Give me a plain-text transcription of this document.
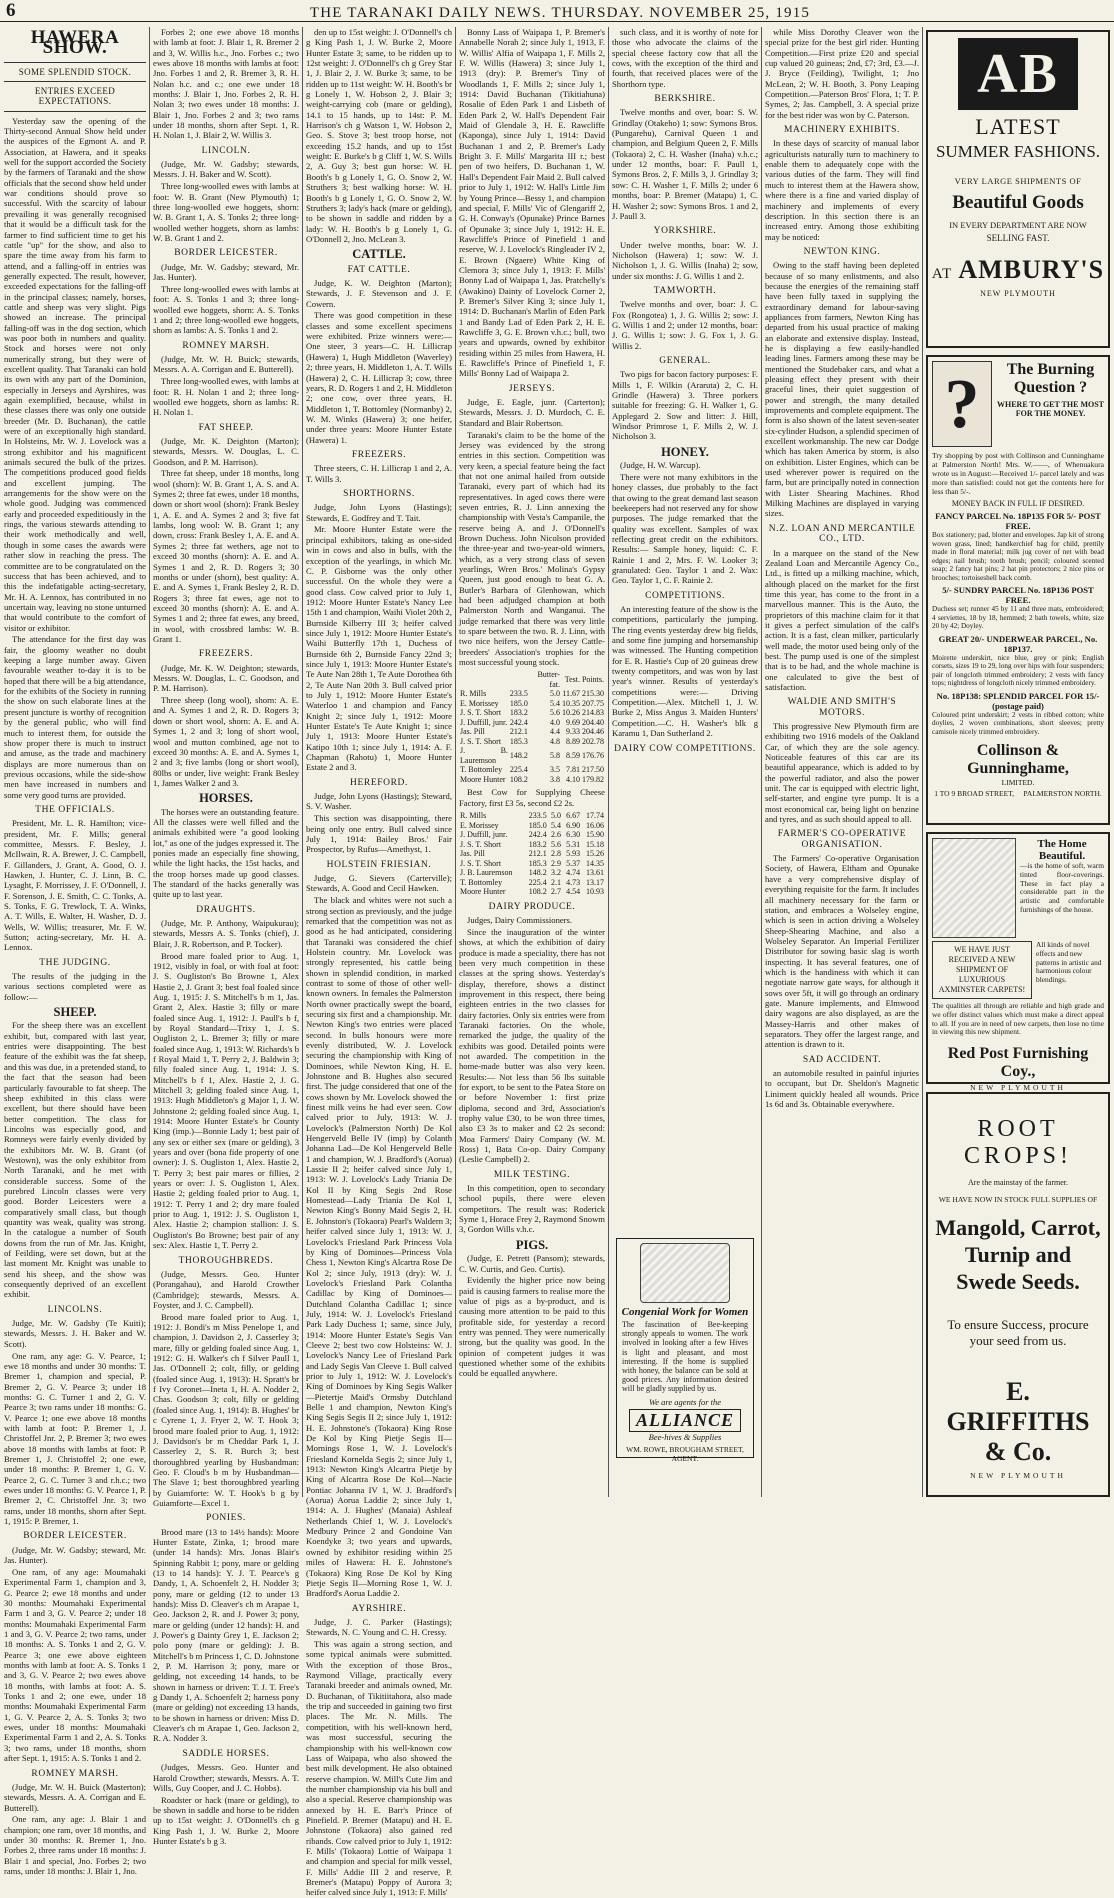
6	THE TARANAKI DAILY NEWS. THURSDAY. NOVEMBER 25, 1915
HAWERA SHOW.
SOME SPLENDID STOCK.
ENTRIES EXCEED EXPECTATIONS.

Yesterday saw the opening of the Thirty-second Annual Show held under the auspices of the Egmont A. and P. Association, at Hawera, and it speaks well for the support accorded the Society by the farmers of Taranaki and the show officials that the second show held under war conditions should prove so successful. With the scarcity of labour prevailing it was generally recognised that it would be a difficult task for the farmer to find sufficient time to get his cattle "up" for the show, and also to spare the time away from his farm to attend, and a falling-off in entries was generally expected. The result, however, exceeded expectations for the falling-off in the principal classes; namely, horses, cattle and sheep was very slight. Pigs showed an increase. The principal falling-off was in the dog section, which was poor both in numbers and quality. Stock and horses were not only numerically strong, but they were of excellent quality. That Taranaki can hold its own with any part of the Dominion, especially in Jerseys and Ayrshires, was again exemplified, because, whilst in these classes there was only one outside breeder (Mr. D. Buchanan), the cattle were of an exceptionally high standard. In Holsteins, Mr. W. J. Lovelock was a strong exhibitor and his magnificent animals secured the bulk of the prizes. The competitions produced good fields and excellent jumping. The arrangements for the show were on the whole good. Judging was commenced early and proceeded expeditiously in the rings, the various stewards attending to their work methodically and well, though in some cases the awards were rather slow in reaching the press. The committee are to be congratulated on the success that has been achieved, and to this the indefatigable acting-secretary, Mr. H. A. Lennox, has contributed in no uncertain way, leaving no stone unturned that would contribute to the comfort of visitor or exhibitor.

The attendance for the first day was fair, the gloomy weather no doubt keeping a large number away. Given favourable weather to-day it is to be hoped that there will be a big attendance, for the exhibits of the Society in running the show on such elaborate lines at the present juncture is worthy of recognition by the general public, who will find much to interest them, for outside the show proper there is much to instruct and amuse, as the trade and machinery displays are more numerous than on previous occasions, while the side-show men have increased in numbers and some very good turns are provided.

THE OFFICIALS.

President, Mr. L. R. Hamilton; vice-president, Mr. F. Mills; general committee, Messrs. F. Besley, J. McIlwain, R. A. Brewer, J. C. Campbell, F. Gillanders, J. Grant, A. Good, O. J. Hawken, J. Hunter, C. J. Linn, B. C. Lysaght, F. Morrissey, J. F. O'Donnell, J. F. Sorenson, J. E. Smith, C. C. Tonks, A. S. Tonks, F. G. Trewlock, T. A. Winks, A. T. Wills, E. Walter, H. Washer, D. J. Wells, W. Willis; treasurer, Mr. F. W. Sutton; acting-secretary, Mr. H. A. Lennox.

THE JUDGING.

The results of the judging in the various sections completed were as follow:—

SHEEP.

For the sheep there was an excellent exhibit, but, compared with last year, entries were disappointing. The best feature of the exhibit was the fat sheep, and this was due, in a pretended stand, to the fact that the season had been particularly favourable to fat sheep. The sheep exhibited in this class were excellent, but there should have been better competition. The class for Lincolns was especially good, and Romneys were fairly evenly divided by the exhibitors Mr. W. B. Grant (of Westown), was the only exhibitor from North Taranaki, and he met with considerable success. Some of the purebred Lincoln classes were very good. Border Leicesters were a comparatively small class, but though quantity was weak, quality was strong. In the catalogue a number of South downs from the run of Mr. Jas. Knight, of Feilding, were set down, but at the last moment Mr. Knight was unable to send his sheep, and the show was consequently deprived of an excellent exhibit.

LINCOLNS.

Judge, Mr. W. Gadsby (Te Kuiti); stewards, Messrs. J. H. Baker and W. Scott).

One ram, any age: G. V. Pearce, 1; ewe 18 months and under 30 months: T. Bremer 1, champion and special, P. Bremer 2, G. V. Pearce 3; under 18 months: G. C. Turner 1 and 2, G. V. Pearce 3; two rams under 18 months: G. V. Pearce 1; one ewe above 18 months with lamb at foot: P. Bremer 1, J. Christoffel Jnr. 2, P. Bremer 3; two ewes above 18 months with lambs at foot: P. Bremer 1, J. Christoffel 2; one ewe, under 18 months: P. Bremer 1, G. V. Pearce 2, G. C. Turner 3 and r.h.c.; two ewes under 18 months: G. V. Pearce 1, P. Bremer 2, C. Christoffel Jnr. 3; two rams, under 18 months, shorn after Sept. 1, 1915: P. Bremer, 1.

BORDER LEICESTER.

(Judge, Mr. W. Gadsby; steward, Mr. Jas. Hunter).

One ram, of any age: Moumahaki Experimental Farm 1, champion and 3, G. Pearce 2; ewe 18 months and under 30 months: Moumahaki Experimental Farm 1 and 3, G. V. Pearce 2; under 18 months: Moumahaki Experimental Farm 1 and 3, G. V. Pearce 2; two rams, under 18 months: A. S. Tonks 1 and 2, G. V. Pearce 3; one ewe above eighteen months with lamb at foot: A. S. Tonks 1 and 3, G. V. Pearce 2; two ewes above 18 months, with lambs at foot: A. S. Tonks 1 and 2; one ewe, under 18 months: Moumahaki Experimental Farm 1, G. V. Pearce 2, A. S. Tonks 3; two ewes, under 18 months: Moumahaki Experimental Farm 1 and 2, A. S. Tonks 3; two rams, under 18 months, shorn after Sept. 1, 1915: A. S. Tonks 1 and 2.

ROMNEY MARSH.

(Judge, Mr. W. H. Buick (Masterton); stewards, Messrs. A. A. Corrigan and E. Butterell).

One ram, any age: J. Blair 1 and champion; one ram, over 18 months, and under 30 months: R. Bremer 1, Jno. Forbes 2, three rams under 18 months: J. Blair 1 and special, Jno. Forbes 2; two rams, under 18 months: J. Blair 1, Jno.

Forbes 2; one ewe above 18 months with lamb at foot: J. Blair 1, R. Bremer 2 and 3, W. Willis h.c., Jno. Forbes c.; two ewes above 18 months with lambs at foot: Jno. Forbes 1 and 2, R. Bremer 3, R. H. Nolan h.c. and c.; one ewe under 18 months: J. Blair 1, Jno. Forbes 2, R. H. Nolan 3; two ewes under 18 months: J. Blair 1, Jno. Forbes 2 and 3; two rams under 18 months, shorn after Sept. 1, R. H. Nolan 1, J. Blair 2, W. Willis 3.

LINCOLN.

(Judge, Mr. W. Gadsby; stewards, Messrs. J. H. Baker and W. Scott).

Three long-woolled ewes with lambs at foot: W. B. Grant (New Plymouth) 1; three long-woolled ewe hoggets, shorn: W. B. Grant 1, A. S. Tonks 2; three long-woolled wether hoggets, shorn as lambs: W. B. Grant 1 and 2.

BORDER LEICESTER.

(Judge, Mr. W. Gadsby; steward, Mr. Jas. Hunter).

Three long-woolled ewes with lambs at foot: A. S. Tonks 1 and 3; three long-woolled ewe hoggets, shorn: A. S. Tonks 1 and 2; three long-woolled ewe hoggets, shorn as lambs: A. S. Tonks 1 and 2.

ROMNEY MARSH.

(Judge, Mr. W. H. Buick; stewards, Messrs. A. A. Corrigan and E. Butterell).

Three long-woolled ewes, with lambs at foot: R. H. Nolan 1 and 2; three long-woolled ewe hoggets, shorn as lambs: R. H. Nolan 1.

FAT SHEEP.

(Judge, Mr. K. Deighton (Marton); stewards, Messrs. W. Douglas, L. C. Goodson, and P. M. Harrison).

Three fat sheep, under 18 months, long wool (shorn): W. B. Grant 1, A. S. and A. Symes 2; three fat ewes, under 18 months, down or short wool (shorn): Frank Besley 1, A. E. and A. Symes 2 and 3; five fat lambs, long wool: W. B. Grant 1; any down, cross: Frank Besley 1, A. E. and A. Symes 2; three fat wethers, age not to exceed 30 months (shorn): A. E. and A. Symes 1 and 2, R. D. Rogers 3; 30 months or under (shorn), best quality: A. E. and A. Symes 1, Frank Besley 2, R. D. Rogers 3; three fat ewes, age not to exceed 30 months (shorn): A. E. and A. Symes 1 and 2; three fat ewes, any breed, in wool, with crossbred lambs: W. B. Grant 1.

FREEZERS.

(Judge, Mr. K. W. Deighton; stewards, Messrs. W. Douglas, L. C. Goodson, and P. M. Harrison).

Three sheep (long wool), shorn: A. E. and A. Symes 1 and 2, R. D. Rogers 3; down or short wool, shorn: A. E. and A. Symes 1, 2 and 3; long of short wool, wool and mutton combined, age not to exceed 30 months: A. E. and A. Symes 1, 2 and 3; five lambs (long or short wool), 80lbs or under, live weight: Frank Besley 1, James Walker 2 and 3.

HORSES.

The horses were an outstanding feature. All the classes were well filled and the animals exhibited were "a good looking lot," as one of the judges expressed it. The ponies made an especially fine showing, while the light hacks, the 15st hacks, and the troop horses made up good classes. The standard of the hacks generally was quite up to last year.

DRAUGHTS.

(Judge, Mr. P. Anthony, Waipukurau); stewards, Messrs A. S. Tonks (chief), J. Blair, J. R. Robertson, and P. Tocker).

Brood mare foaled prior to Aug. 1, 1912, visibly in foal, or with foal at foot: J. S. Ougliston's Bo Browne 1, Alex Hastie 2, J. Grant 3; best foal foaled since Aug. 1, 1915: J. S. Mitchell's b m 1, Jas. Grant 2, Alex. Hastie 3; filly or mare foaled since Aug. 1, 1912: J. Paull's b f, by Royal Standard—Trixy 1, J. S. Ougliston 2, L. Bremer 3; filly or mare foaled since Aug. 1, 1913: W. Richards's b f Royal Maid 1, T. Perry 2, J. Baldwin 3; filly foaled since Aug. 1, 1914: J. S. Mitchell's b f 1, Alex. Hastie 2, J. G. Mitchell 3; gelding foaled since Aug. 1, 1913: Hugh Middleton's g Major 1, J. W. Johnstone 2; gelding foaled since Aug. 1, 1914: Moore Hunter Estate's br County King (imp.)—Bonnie Lady 1; best pair of any sex or either sex (mare or gelding), 3 years and over (bona fide property of one owner): J. S. Ougliston 1, Alex. Hastie 2, T. Perry 3; best pair mares or fillies, 2 years or over: J. S. Ougliston 1, Alex. Hastie 2; gelding foaled prior to Aug. 1, 1912: T. Perry 1 and 2; dry mare foaled prior to Aug. 1, 1912: J. S. Ougliston 1, Alex. Hastie 2; champion stallion: J. S. Ougliston's Bo Browne; best pair of any sex: Alex. Hastie 1, T. Perry 2.

THOROUGHBREDS.

(Judge, Messrs. Geo. Hunter (Porangahau), and Harold Crowther (Cambridge); stewards, Messrs. A. Foyster, and J. C. Campbell).

Brood mare foaled prior to Aug. 1, 1912: J. Bondi's m Miss Penelope 1, and champion, J. Davidson 2, J. Casserley 3; mare, filly or gelding foaled since Aug. 1, 1912: G. H. Walker's ch f Silver Paull 1, Jas. O'Donnell 2; colt, filly, or gelding (foaled since Aug. 1, 1913): H. Spratt's br f Ivy Coronet—Ineta 1, H. A. Nodder 2, Chas. Goodson 3; colt, filly or gelding (foaled since Aug. 1, 1914): B. Hughes' br c Cyrene 1, J. Fryer 2, W. T. Hook 3; brood mare foaled prior to Aug. 1, 1912: J. Davidson's br m Cheddar Park 1, J. Casserley 2, S. R. Burch 3; best thoroughbred yearling by Husbandman: Geo. F. Cloud's b m by Husbandman—The Slave 1; best thoroughbred yearling by Guiamforte: W. T. Hook's b g by Guiamforte—Excel 1.

PONIES.

Brood mare (13 to 14½ hands): Moore Hunter Estate, Zinka, 1; brood mare (under 14 hands): Mrs. Jonas Blair's Spinning Rabbit 1; pony, mare or gelding (13 to 14 hands): Y. J. T. Pearce's g Dandy, 1, A. Schoenfelt 2, H. Nodder 3; pony, mare or gelding (12 to under 13 hands): Miss D. Cleaver's ch m Arapae 1, Geo. Jackson 2, R. and J. Power 3; pony, mare or gelding (under 12 hands): H. and J. Power's g Dainty Grey 1, E. Jackson 2; polo pony (mare or gelding): J. B. Mitchell's b m Princess 1, C. D. Johnstone 2, P. M. Harrison 3; pony, mare or gelding, not exceeding 14 hands, to be shown in harness or driven: T. J. T. Free's g Dandy 1, A. Schoenfelt 2; harness pony (mare or gelding) not exceeding 13 hands, to be shown in harness or driven: Miss D. Cleaver's ch m Arapae 1, Geo. Jackson 2, R. A. Nodder 3.

SADDLE HORSES.

(Judges, Messrs. Geo. Hunter and Harold Crowther; stewards, Messrs. A. T. Wills, Guy Cooper, and J. C. Hobbs).

Roadster or hack (mare or gelding), to be shown in saddle and horse to be ridden up to 15st weight: J. O'Donnell's ch g King Pash 1, J. W. Burke 2, Moore Hunter Estate's b g 3.

den up to 15st weight: J. O'Donnell's ch g King Pash 1, J. W. Burke 2, Moore Hunter Estate 3; same, to be ridden up to 12st weight: J. O'Donnell's ch g Grey Star 1, J. Blair 2, J. W. Burke 3; same, to be ridden up to 11st weight: W. H. Booth's br g Lonely 1, W. Hobson 2, J. Blair 3; weight-carrying cob (mare or gelding), 14.1 to 15 hands, up to 14st: P. M. Harrison's ch g Watson 1, W. Hobson 2, Geo. S. Stove 3; best troop horse, not exceeding 15.2 hands, and up to 15st weight: E. Burke's b g Cliff 1, W. S. Wills 2, A. Guy 3; best gun horse: W. H. Booth's b g Lonely 1, G. O. Snow 2, W. Struthers 3; best walking horse: W. H. Booth's b g Lonely 1, G. O. Snow 2, W. Struthers 3; lady's hack (mare or gelding), to be shown in saddle and ridden by a lady: W. H. Booth's b g Lonely 1, G. O'Donnell 2, Jno. McLean 3.

CATTLE.
FAT CATTLE.

Judge, K. W. Deighton (Marton); Stewards, J. F. Stevenson and J. F. Cowern.

There was good competition in these classes and some excellent specimens were exhibited. Prize winners were:— One steer, 3 years—C. H. Lillicrap (Hawera) 1, Hugh Middleton (Waverley) 2; three years, H. Middleton 1, A. T. Wills (Hawera) 2, C. H. Lillicrap 3; cow, three years, R. D. Rogers 1 and 2, H. Middleton 2; one cow, over three years, H. Middleton 1, T. Bottomley (Normanby) 2, W. M. Winks (Hawera) 3; one heifer, under three years: Moore Hunter Estate (Hawera) 1.

FREEZERS.

Three steers, C. H. Lillicrap 1 and 2, A. T. Wills 3.

SHORTHORNS.

Judge, John Lyons (Hastings); Stewards, E. Godfrey and T. Tait.

Mr. Moore Hunter Estate were the principal exhibitors, taking as one-sided win in cows and also in bulls, with the exception of the yearlings, in which Mr. C. P. Gisborne was the only other successful. On the whole they were a good class. Cow calved prior to July 1, 1912: Moore Hunter Estate's Nancy Lee 15th 1 and champion, Waihi Violet 20th 2, Burnside Kilberry III 3; heifer calved since July 1, 1912: Moore Hunter Estate's Waihi Butterfly 17th 1, Duchess of Burnside 6th 2, Burnside Fancy 22nd 3; since July 1, 1913: Moore Hunter Estate's Te Aute Nan 28th 1, Te Aute Dorothea 6th 2, Te Aute Nan 20th 3. Bull calved prior to July 1, 1912: Moore Hunter Estate's Waterloo 1 and champion and Fancy Knight 2; since July 1, 1912: Moore Hunter Estate's Te Aute Knight 1; since July 1, 1913: Moore Hunter Estate's Katipo 10th 1; since July 1, 1914: A. F. Chapman (Rahotu) 1, Moore Hunter Estate 2 and 3.

HEREFORD.

Judge, John Lyons (Hastings); Steward, S. V. Washer.

This section was disappointing, there being only one entry. Bull calved since July 1, 1914: Bailey Bros.' Fair Prospector, by Rufus—Amethyst, 1.

HOLSTEIN FRIESIAN.

Judge, G. Sievers (Carterville); Stewards, A. Good and Cecil Hawken.

The black and whites were not such a strong section as previously, and the judge remarked that the competition was not as good as he had anticipated, considering that Taranaki was considered the chief Holstein country. Mr. Lovelock was strongly represented, his cattle being shown in splendid condition, in marked contrast to some of those of other well-known owners. In females the Palmerston North owner practically swept the board, securing six first and a championship. Mr. Newton King's two entries were placed second. In bulls honours were more evenly distributed, W. J. Lovelock securing the championship with King of Dominoes, while Newton King, H. E. Johnstone and B. Hughes also secured first. The judge considered that one of the cows shown by Mr. Lovelock showed the finest milk veins he had ever seen. Cow calved prior to July, 1913: W. J. Lovelock's (Palmerston North) De Kol Hengerveld Belle IV (imp) by Colanth Johanna Lad—De Kol Hengerveld Belle 1 and champion, W. J. Bradford's (Aorua) Lassie II 2; heifer calved since July 1, 1913: W. J. Lovelock's Lady Triania De Kol II by King Segis 2nd Rose Homestead—Lady Triania De Kol I, Newton King's Bonny Maid Segis 2, H. E. Johnston's (Tokaora) Pearl's Waldern 3; heifer calved since July 1, 1913: W. J. Lovelock's Friesland Park Princess Vola by King of Dominoes—Princess Vola Chess 1, Newton King's Alcartra Rose De Kol 2; since July, 1913 (dry): W. J. Lovelock's Friesland Park Colantha Cadillac by King of Dominoes—Dutchland Colantha Cadillac 1; since July, 1914: W. J. Lovelock's Friesland Park Lady Duchess 1; same, since July, 1914: Moore Hunter Estate's Segis Van Cleeve 2; best two cow Holsteins: W. J. Lovelock's Nancy Lee of Friesland Park and Lady Segis Van Cleeve 1. Bull calved prior to July 1, 1912: W. J. Lovelock's King of Dominoes by King Segis Walker—Pietertje Maid's Ormsby Dutchland Belle 1 and champion, Newton King's King Segis Segis II 2; since July 1, 1912: H. E. Johnstone's (Tokaora) King Rose De Kol by King Pietje Segis II—Mornings Rose 1, W. J. Lovelock's Friesland Kornelda Segis 2; since July 1, 1913: Newton King's Alcartra Pietje by King of Alcartra Rose De Kol—Nacie Pontiac Johanna IV 1, W. J. Bradford's (Aorua) Aorua Laddie 2; since July 1, 1914: A. J. Hughes' (Manaia) Ashleaf Netherlands Chief 1, W. J. Lovelock's Medbury Prince 2 and Gondoine Van Koendyke 3; two years and upwards, owned by exhibitor residing within 25 miles of Hawera: H. E. Johnstone's (Tokaora) King Rose De Kol by King Pietje Segis II—Morning Rose 1, W. J. Bradford's Aorua Laddie 2.

AYRSHIRE.

Judge, J. C. Parker (Hastings); Stewards, N. C. Young and C. H. Cressy.

This was again a strong section, and some typical animals were submitted. With the exception of those Bros., Raymond Village, practically every Taranaki breeder and animals owned, Mr. D. Buchanan, of Tikitiitahora, also made the trip and succeeded in gaining two first places. The Mr. N. Mills. The competition, with his well-known herd, was most successful, securing the championship with his well-known cow Lass of Waipapa, who also showed the best milk development. He also obtained reserve champion. W. Mill's Cute Jim and the number championship via his bull and also a special. Reserve championship was annexed by H. E. Barr's Prince of Pinefield. P. Bremer (Matapu) and H. E. Johnstone (Tokaora) also gained red ribands. Cow calved prior to July 1, 1912: F. Mills' (Tokaora) Lottie of Waipapa 1 and champion and special for milk vessel, F. Mills' Addie III 2 and reserve, P. Bremer's (Matapu) Poppy of Aurora 3; heifer calved since July 1, 1913: F. Mills'

Bonny Lass of Waipapa 1, P. Bremer's Annabelle Norah 2; since July 1, 1913, F. W. Willis' Alfia of Waipapa 1, F. Mills 2, F. W. Willis (Hawera) 3; since July 1, 1913 (dry): P. Bremer's Tiny of Woodlands 1, F. Mills 2; since July 1, 1914: David Buchanan (Tikitiahuna) Rosalie of Eden Park 1 and Lisbeth of Eden Park 2, W. Hall's Dependent Fair Maid of Glendale 3, H. E. Rawcliffe (Kaponga), since July 1, 1914: David Buchanan 1 and 2, P. Bremer's Lady Bright 3. F. Mills' Margarita III r.; best pen of two heifers, D. Buchanan 1, W. Hall's Dependent Fair Maid 2. Bull calved prior to July 1, 1912: W. Hall's Little Jim by Young Prince—Bessy 1, and champion and special, F. Mills' Vic of Glengariff 2, G. H. Conway's (Opunake) Prince Barnes of Opunake 3; since July 1, 1912: H. E. Rawcliffe's Prince of Pinefield 1 and reserve, W. J. Lovelock's Ringleader IV 2, E. Brown (Ngaere) White King of Clemora 3; since July 1, 1913: F. Mills' Bonny Lad of Waipapa 1, Jas. Pratchelly's (Awakino) Dainty of Lovelock Corner 2, P. Bremer's Silver King 3; since July 1, 1914: D. Buchanan's Marlin of Eden Park 1 and Bandy Lad of Eden Park 2, H. E. Rawcliffe 3, G. E. Brown v.h.c.; bull, two years and upwards, owned by exhibitor residing within 25 miles from Hawera, H. E. Rawcliffe's Prince of Pinefield 1, F. Mills' Bonny Lad of Waipapa 2.

JERSEYS.

Judge, E. Eagle, junr. (Carterton); Stewards, Messrs. J. D. Murdoch, C. E. Standard and Blair Robertson.

Taranaki's claim to be the home of the Jersey was evidenced by the strong entries in this section. Competition was very keen, a special feature being the fact that not one animal hailed from outside Taranaki, every part of which had its representatives. In aged cows there were seven entries, R. J. Linn annexing the championship with Vesta's Campanile, the reserve being A. and J. O'Donnell's Brown Duchess. John Nicolson provided the three-year and two-year-old winners, which, as a very strong class of seven yearlings, Wren Bros.' Molina's Gypsy Queen, just good enough to beat G. A. Butler's Barbara of Glenhowan, which had been adjudged champion at both Palmerston North and Wanganui. The judge remarked that there was very little to spare between the two. R. J. Linn, with two nice heifers, won the Jersey Cattle-breeders' Association's trophies for the most successful young stock.

		Butter-fat.	Test.	Points.
R. Mills	233.5	5.0	11.67	215.30
E. Morissey	185.0	5.4	10.35	207.75
J. S. T. Short	183.2	5.6	10.26	214.83
J. Duffill, junr.	242.4	4.0	9.69	204.40
Jas. Pill	212.1	4.4	9.33	204.46
J. S. T. Short	185.3	4.8	8.89	202.78
J. B. Lauremson	148.2	5.8	8.59	176.76
T. Bottomley	225.4	3.5	7.81	217.50
Moore Hunter	108.2	3.8	4.10	179.82

Best Cow for Supplying Cheese Factory, first £3 5s, second £2 2s.

R. Mills	233.5	5.0	6.67	17.74
E. Morissey	185.0	5.4	6.90	16.06
J. Duffill, junr.	242.4	2.6	6.30	15.90
J. S. T. Short	183.2	5.6	5.31	15.18
Jas. Pill	212.1	2.8	5.93	15.26
J. S. T. Short	185.3	2.9	5.37	14.35
J. B. Lauremson	148.2	3.2	4.74	13.61
T. Bottomley	225.4	2.1	4.73	13.17
Moore Hunter	108.2	2.7	4.54	10.93
DAIRY PRODUCE.

Judges, Dairy Commissioners.

Since the inauguration of the winter shows, at which the exhibition of dairy produce is made a speciality, there has not been very much competition in these classes at the spring shows. Yesterday's display, therefore, shows a distinct improvement in this respect, there being eighteen entries in the two classes for dairy factories. Only six entries were from Taranaki factories. On the whole, remarked the judge, the quality of the exhibits was good. Detailed points were not awarded. The competition in the home-made butter was also very keen. Results:— Not less than 56 lbs suitable for export, to be sent to the Patea Store on or before November 1: first prize diploma, second and 3rd, Association's trophy value £30, to be won three times, also £3 3s to maker and £2 2s second: Moa Farmers' Dairy Company (W. M. Ross) 1, Bata Co-op. Dairy Company (Leslie Campbell) 2.

MILK TESTING.

In this competition, open to secondary school pupils, there were eleven competitors. The result was: Roderick Syme 1, Horace Frey 2, Raymond Snowm 3, Gordon Wills v.h.c.

PIGS.

(Judge, E. Petrett (Pansom); stewards, C. W. Curtis, and Geo. Curtis).

Evidently the higher price now being paid is causing farmers to realise more the value of pigs as a by-product, and is causing more attention to be paid to this profitable side, for yesterday a record entry was penned. They were numerically strong, but the quality was good. In the opinion of competent judges it was questioned whether some of the exhibits could be equalled anywhere.

such class, and it is worthy of note for those who advocate the claims of the special cheese factory cow that all the cows, with the exception of the third and fourth, that received places were of the Shorthorn type.

BERKSHIRE.

Twelve months and over, boar: S. W. Grindlay (Otakeho) 1; sow: Symons Bros. (Pungarehu), Carnival Queen 1 and champion, and Belgium Queen 2, F. Mills (Tokaora) 2, C. H. Washer (Inaha) v.h.c.; under 12 months, boar: F. Paull 1, Symons Bros. 2, F. Mills 3, J. Grindlay 3; sow: C. H. Washer 1, F. Mills 2; under 6 months, boar: P. Bremer (Matapu) 1, C. H. Washer 2; sow: Symons Bros. 1 and 2, J. Paull 3.

YORKSHIRE.

Under twelve months, boar: W. J. Nicholson (Hawera) 1; sow: W. J. Nicholson 1, J. G. Willis (Inaha) 2; sow, under six months: J. G. Willis 1 and 2.

TAMWORTH.

Twelve months and over, boar: J. C. Fox (Rongotea) 1, J. G. Willis 2; sow: J. G. Willis 1 and 2; under 12 months, boar: J. G. Willis 1; sow: J. G. Fox 1, J. G. Willis 2.

GENERAL.

Two pigs for bacon factory purposes: F. Mills 1, F. Wilkin (Araruta) 2, C. H. Grindle (Hawera) 3. Three porkers suitable for freezing: G. H. Walker 1, G. Applegard 2. Sow and litter: J. Hill, Windsor Primrose 1, F. Mills 2, W. J. Nicholson 3.

HONEY.

(Judge, H. W. Warcup).

There were not many exhibitors in the honey classes, due probably to the fact that owing to the great demand last season beekeepers had not reserved any for show purposes. The judge remarked that the quality was excellent. Samples of wax reflecting great credit on the exhibitors. Results:— Sample honey, liquid: C. F. Rainie 1 and 2, Mrs. F. W. Looker 3; granulated: Geo. Taylor 1 and 2. Wax: Geo. Taylor 1, C. F. Rainie 2.

COMPETITIONS.

An interesting feature of the show is the competitions, particularly the jumping. The ring events yesterday drew big fields, and some fine jumping and horsemanship was witnessed. The Hunting competition for E. R. Hastie's Cup of 20 guineas drew twenty competitors, and was won by last year's winner. Results of yesterday's competitions were:— Driving Competition.—Alex. Mitchell 1, J. W. Burke 2, Miss Angus 3. Maiden Hunters' Competition.—C. H. Washer's blk g Karamu 1, Dan Sutherland 2.

DAIRY COW COMPETITIONS.
Congenial Work for Women
The fascination of Bee-keeping strongly appeals to women. The work involved in looking after a few Hives is light and pleasant, and most interesting. If the home is supplied with honey, the balance can be sold at good prices. Any information desired will be gladly supplied by us.
We are agents for the
ALLIANCE
Bee-hives & Supplies
WM. ROWE, BROUGHAM STREET, AGENT.

while Miss Dorothy Cleaver won the special prize for the best girl rider. Hunting Competition.—First prize £20 and special cup valued 20 guineas; 2nd, £7; 3rd, £3.—J. J. Bryce (Feilding), Twilight, 1; Jno McLean, 2; W. H. Booth, 3. Pony Leaping Competition.—Paterson Bros' Flora, 1; T. P. Symes, 2; Jas. Campbell, 3. A special prize for the best rider was won by C. Paterson.

MACHINERY EXHIBITS.

In these days of scarcity of manual labor agriculturists naturally turn to machinery to enable them to adequately cope with the various duties of the farm. They will find much to interest them at the Hawera show, where there is a fine and varied display of machinery and implements of every description. In this section there is an increased entry. Among those exhibiting may be noticed:

NEWTON KING.

Owing to the staff having been depleted because of so many enlistments, and also because the energies of the remaining staff have been fully taxed in supplying the extraordinary demand for labour-saving appliances from farmers, Newton King has departed from his usual practice of making an elaborate and extensive display. Instead, he is displaying a few easily-handled leading lines. Farmers among these may be mentioned the Studebaker cars, and what a pleasing effect they present with their graceful lines, their quiet suggestion of power and strength, the many detailed improvements and complete equipment. The form is also shown of the latest seven-seater six-cylinder Hudson, a splendid specimen of excellent workmanship. The new car Dodge which has taken America by storm, is also on exhibition. Lister Engines, which can be used wherever power is required on the farm, but are principally noted in connection with Lister Shearing Machines. Rhod Milking Machines are displayed in varying sizes.

N.Z. LOAN AND MERCANTILE CO., LTD.

In a marquee on the stand of the New Zealand Loan and Mercantile Agency Co., Ltd., is fitted up a milking machine, which, although placed on the market for the first time this year, has come to the front in a marvellous manner. This is the Auto, the proprietors of this machine claim for it that it gives a perfect simulation of the calf's action. It is a fast, clean milker, particularly well made, the motor used being only of the best. The pump used is one of the simplest that is to be had, and the whole machine is one calculated to give the best of satisfaction.

WALDIE AND SMITH'S MOTORS.

This progressive New Plymouth firm are exhibiting two 1916 models of the Oakland Car, of which they are the sole agency. Noticeable features of this car are its beautiful appearance, which is added to by the powerful radiator, and also the power unit. The car is equipped with electric light, self-starter, and engine tyre pump. It is a most economical car, being light on benzine and tyres, and as such should appeal to all.

FARMER'S CO-OPERATIVE ORGANISATION.

The Farmers' Co-operative Organisation Society, of Hawera, Eltham and Opunake have a very comprehensive display of everything requisite for the farm. It includes all machinery necessary for the farm or station, and embraces a Wolseley engine, which is seen in action driving a Wolseley Sheep-Shearing Machine, and also a Wolseley Separator. An Imperial Fertilizer Distributor for sowing basic slag is worth inspecting. It has several features, one of which is the handiness with which it can negotiate narrow gate ways, for although it sows over 5ft, it will go through an ordinary gate. Manure implements, and Elmwood dairy wagons are also displayed, as are the Massey-Harris and other makes of separators. They offer the largest range, and attention is drawn to it.

SAD ACCIDENT.

an automobile resulted in painful injuries to occupant, but Dr. Sheldon's Magnetic Liniment quickly healed all wounds. Price 1s 6d and 3s. Obtainable everywhere.

AB
LATEST
SUMMER FASHIONS.
VERY LARGE SHIPMENTS OF
Beautiful Goods
IN EVERY DEPARTMENT ARE NOW
SELLING FAST.
AT AMBURY'S
NEW PLYMOUTH
?	The Burning Question ?
WHERE TO GET THE MOST FOR THE MONEY.
Try shopping by post with Collinson and Cunninghame at Palmerston North! Mrs. W.——, of Whenuakura wrote us in August:—Received 1/- parcel lately and was more than satisfied: could not get the contents here for less than 5/-.
MONEY BACK IN FULL IF DESIRED.
FANCY PARCEL No. 18P135 FOR 5/- POST FREE.
Box stationery; pad, blotter and envelopes. Jap kit of strong woven grass, lined; handkerchief bag for child, prettily made in floral material; milk jug cover of net with bead edges; nail brush; tooth brush; pencil; coloured scented soap; 2 fancy hat pins; 2 hat pin protectors; 2 nice pins or brooches; tortoiseshell back comb.
5/- SUNDRY PARCEL No. 18P136 POST FREE.
Duchess set; runner 45 by 11 and three mats, embroidered; 4 serviettes, 18 by 18, hemmed; 2 bath towels, white, size 20 by 42; Doyley.
GREAT 20/- UNDERWEAR PARCEL, No. 18P137.
Moirette underskirt, nice blue, grey or pink; English corsets, sizes 19 to 29, long over hips with four suspenders; pair of longcloth trimmed embroidery; 2 vests with fancy tops; nightdress of longcloth nicely trimmed embroidery.
No. 18P138: SPLENDID PARCEL FOR 15/- (postage paid)
Coloured print underskirt; 2 vests in ribbed cotton; white doylies, 2 woven combinations, short sleeves; pretty camisole nicely trimmed embroidery.
Collinson & Gunninghame,
LIMITED.
1 TO 9 BROAD STREET,     PALMERSTON NORTH.
The Home Beautiful.
—is the home of soft, warm tinted floor-coverings. These in fact play a considerable part in the artistic and comfortable furnishings of the house.
WE HAVE JUST RECEIVED A NEW SHIPMENT OF LUXURIOUS AXMINSTER CARPETS!
All kinds of novel effects and new patterns in artistic and harmonious colour blendings.
The qualities all through are reliable and high grade and we offer distinct values which must make a direct appeal to all. If you are in need of new carpets, then lose no time in viewing this new shipment.
Red Post Furnishing Coy.,
NEW PLYMOUTH
ROOT CROPS!
Are the mainstay of the farmer.
WE HAVE NOW IN STOCK FULL SUPPLIES OF
Mangold, Carrot, Turnip and Swede Seeds.
To ensure Success, procure your seed from us.
E. GRIFFITHS & Co.
NEW PLYMOUTH
